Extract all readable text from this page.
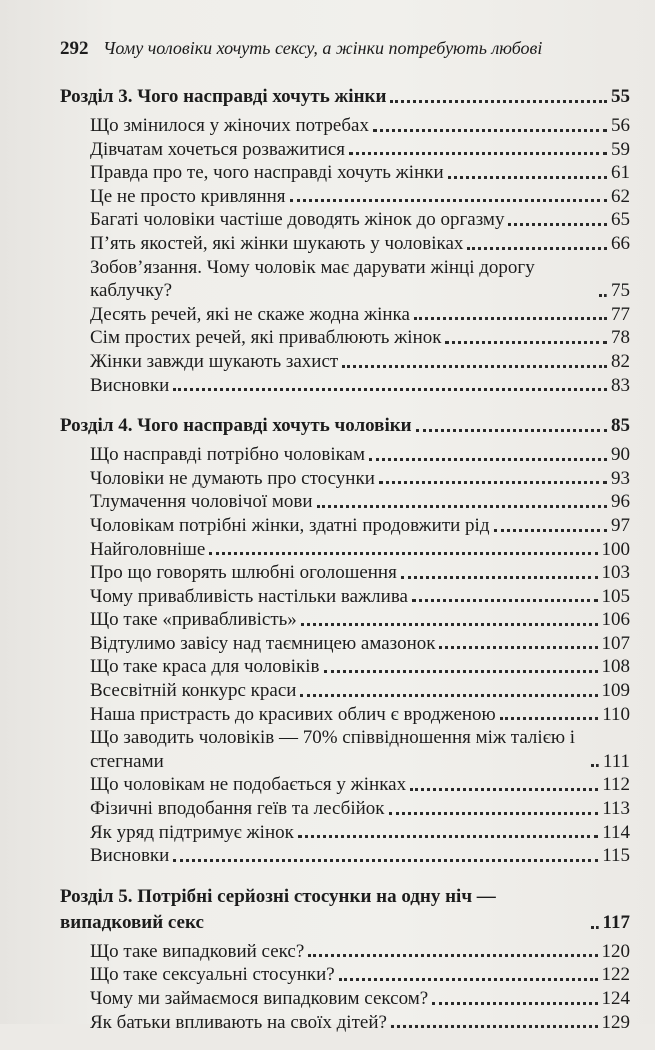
292 Чому чоловіки хочуть сексу, а жінки потребують любові
Розділ 3. Чого насправді хочуть жінки	55
Що змінилося у жіночих потребах	56
Дівчатам хочеться розважитися	59
Правда про те, чого насправді хочуть жінки	61
Це не просто кривляння	62
Багаті чоловіки частіше доводять жінок до оргазму	65
П’ять якостей, які жінки шукають у чоловіках	66
Зобов’язання. Чому чоловік має дарувати жінці дорогу каблучку?	75
Десять речей, які не скаже жодна жінка	77
Сім простих речей, які приваблюють жінок	78
Жінки завжди шукають захист	82
Висновки	83
Розділ 4. Чого насправді хочуть чоловіки	85
Що насправді потрібно чоловікам	90
Чоловіки не думають про стосунки	93
Тлумачення чоловічої мови	96
Чоловікам потрібні жінки, здатні продовжити рід	97
Найголовніше	100
Про що говорять шлюбні оголошення	103
Чому привабливість настільки важлива	105
Що таке «привабливість»	106
Відтулимо завісу над таємницею амазонок	107
Що таке краса для чоловіків	108
Всесвітній конкурс краси	109
Наша пристрасть до красивих облич є вродженою	110
Що заводить чоловіків — 70% співвідношення між талією і стегнами	111
Що чоловікам не подобається у жінках	112
Фізичні вподобання геїв та лесбійок	113
Як уряд підтримує жінок	114
Висновки	115
Розділ 5. Потрібні серйозні стосунки на одну ніч — випадковий секс	117
Що таке випадковий секс?	120
Що таке сексуальні стосунки?	122
Чому ми займаємося випадковим сексом?	124
Як батьки впливають на своїх дітей?	129
